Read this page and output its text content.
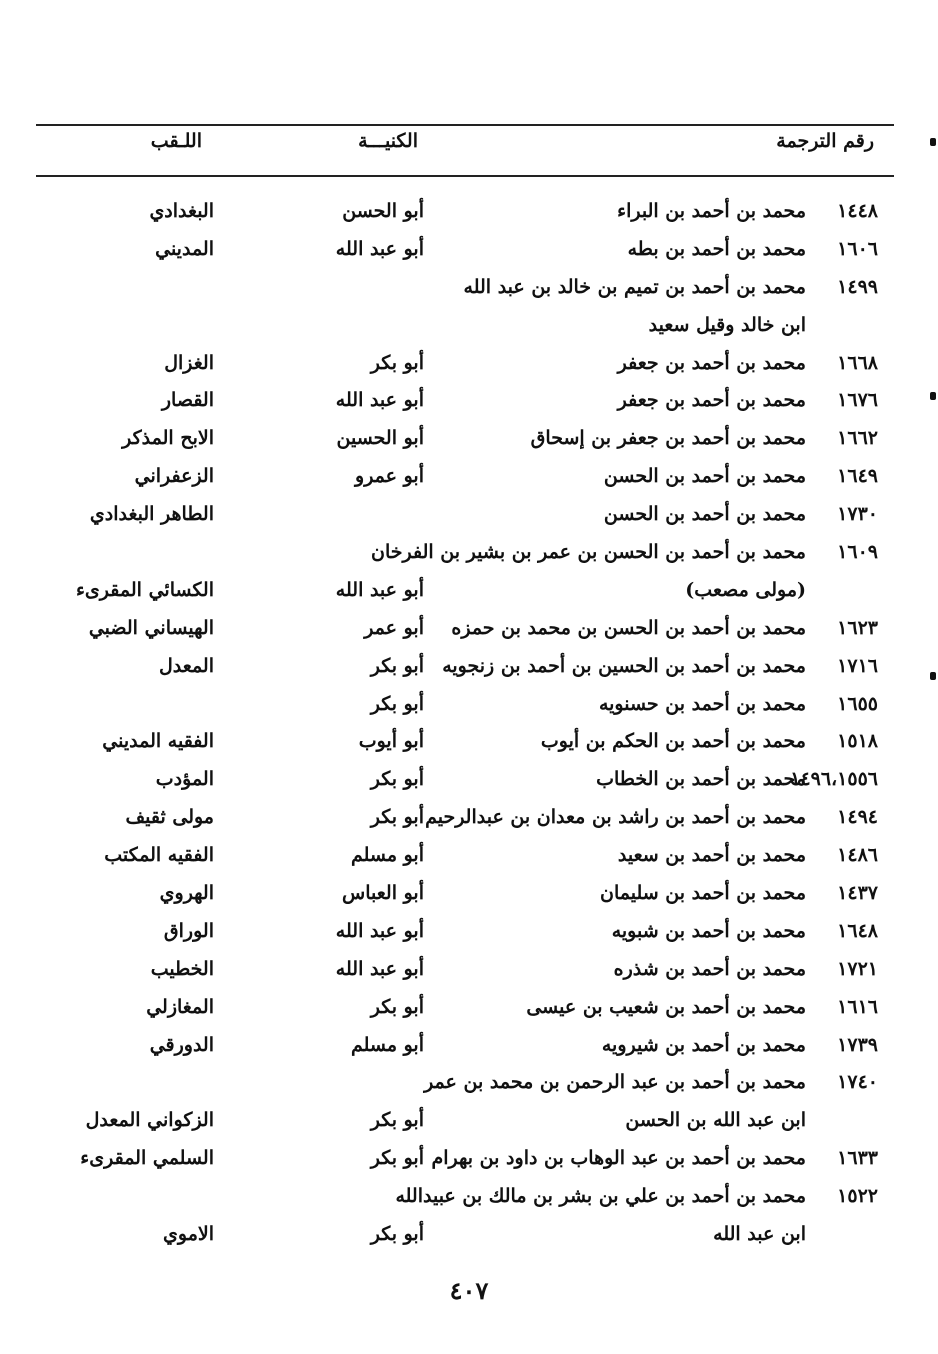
رقم الترجمة
الكنيـــة
اللـقب
١٤٤٨
محمد بن أحمد بن البراء
أبو الحسن
البغدادي
١٦٠٦
محمد بن أحمد بن بطه
أبو عبد الله
المديني
١٤٩٩
محمد بن أحمد بن تميم بن خالد بن عبد الله
ابن خالد وقيل سعيد
١٦٦٨
محمد بن أحمد بن جعفر
أبو بكر
الغزال
١٦٧٦
محمد بن أحمد بن جعفر
أبو عبد الله
القصار
١٦٦٢
محمد بن أحمد بن جعفر بن إسحاق
أبو الحسين
الابح المذكر
١٦٤٩
محمد بن أحمد بن الحسن
أبو عمرو
الزعفراني
١٧٣٠
محمد بن أحمد بن الحسن
الطاهر البغدادي
١٦٠٩
محمد بن أحمد بن الحسن بن عمر بن بشير بن الفرخان
(مولى مصعب)
أبو عبد الله
الكسائي المقرىء
١٦٢٣
محمد بن أحمد بن الحسن بن محمد بن حمزه
أبو عمر
الهيساني الضبي
١٧١٦
محمد بن أحمد بن الحسين بن أحمد بن زنجويه
أبو بكر
المعدل
١٦٥٥
محمد بن أحمد بن حسنويه
أبو بكر
١٥١٨
محمد بن أحمد بن الحكم بن أيوب
أبو أيوب
الفقيه المديني
١٤٩٦،١٥٥٦
محمد بن أحمد بن الخطاب
أبو بكر
المؤدب
١٤٩٤
محمد بن أحمد بن راشد بن معدان بن عبدالرحيم
أبو بكر
مولى ثقيف
١٤٨٦
محمد بن أحمد بن سعيد
أبو مسلم
الفقيه المكتب
١٤٣٧
محمد بن أحمد بن سليمان
أبو العباس
الهروي
١٦٤٨
محمد بن أحمد بن شبويه
أبو عبد الله
الوراق
١٧٢١
محمد بن أحمد بن شذره
أبو عبد الله
الخطيب
١٦١٦
محمد بن أحمد بن شعيب بن عيسى
أبو بكر
المغازلي
١٧٣٩
محمد بن أحمد بن شيرويه
أبو مسلم
الدورقي
١٧٤٠
محمد بن أحمد بن عبد الرحمن بن محمد بن عمر
ابن عبد الله بن الحسن
أبو بكر
الزكواني المعدل
١٦٣٣
محمد بن أحمد بن عبد الوهاب بن داود بن بهرام
أبو بكر
السلمي المقرىء
١٥٢٢
محمد بن أحمد بن علي بن بشر بن مالك بن عبيدالله
ابن عبد الله
أبو بكر
الاموي
٤٠٧
